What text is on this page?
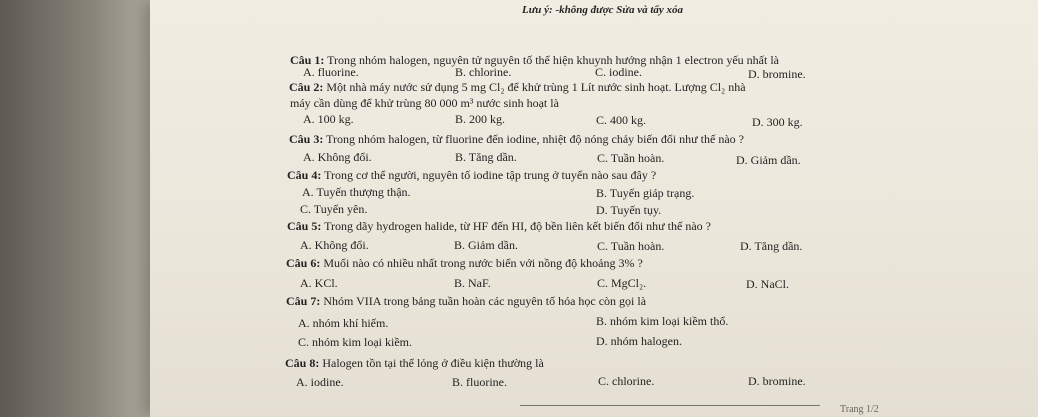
Lưu ý: -không được Sửa và tẩy xóa
Câu 1: Trong nhóm halogen, nguyên tử nguyên tố thể hiện khuynh hướng nhận 1 electron yếu nhất là
A. fluorine.	B. chlorine.	C. iodine.	D. bromine.
Câu 2: Một nhà máy nước sử dụng 5 mg Cl₂ để khử trùng 1 Lít nước sinh hoạt. Lượng Cl₂ nhà
máy cần dùng để khử trùng 80 000 m³ nước sinh hoạt là
A. 100 kg.	B. 200 kg.	C. 400 kg.	D. 300 kg.
Câu 3: Trong nhóm halogen, từ fluorine đến iodine, nhiệt độ nóng chảy biến đổi như thế nào ?
A. Không đổi.	B. Tăng dần.	C. Tuần hoàn.	D. Giảm dần.
Câu 4: Trong cơ thể người, nguyên tố iodine tập trung ở tuyến nào sau đây ?
A. Tuyến thượng thận.	B. Tuyến giáp trạng.
C. Tuyến yên.	D. Tuyến tụy.
Câu 5: Trong dãy hydrogen halide, từ HF đến HI, độ bền liên kết biến đổi như thế nào ?
A. Không đổi.	B. Giảm dần.	C. Tuần hoàn.	D. Tăng dần.
Câu 6: Muối nào có nhiều nhất trong nước biển với nồng độ khoảng 3% ?
A. KCl.	B. NaF.	C. MgCl₂.	D. NaCl.
Câu 7: Nhóm VIIA trong bảng tuần hoàn các nguyên tố hóa học còn gọi là
A. nhóm khí hiếm.	B. nhóm kim loại kiềm thổ.
C. nhóm kim loại kiềm.	D. nhóm halogen.
Câu 8: Halogen tồn tại thể lỏng ở điều kiện thường là
A. iodine.	B. fluorine.	C. chlorine.	D. bromine.
Trang 1/2
